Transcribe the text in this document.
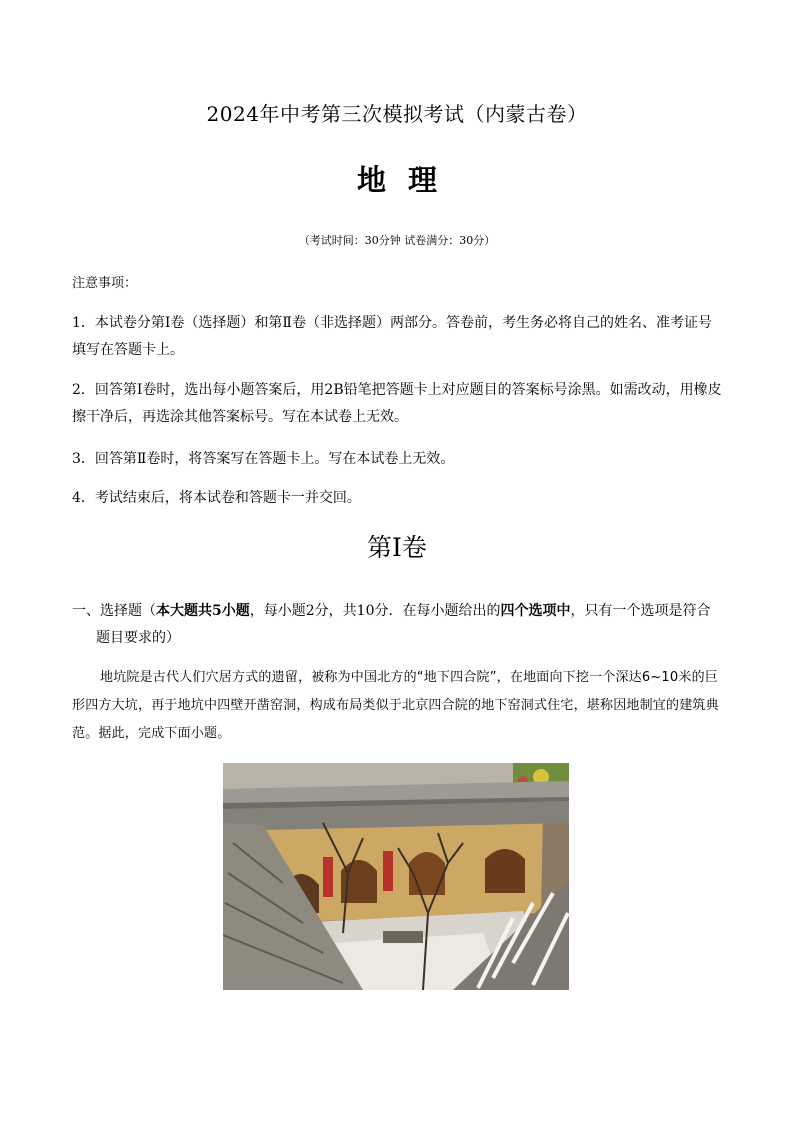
2024年中考第三次模拟考试（内蒙古卷）
地理
（考试时间：30分钟 试卷满分：30分）
注意事项：
1．本试卷分第Ⅰ卷（选择题）和第Ⅱ卷（非选择题）两部分。答卷前，考生务必将自己的姓名、准考证号填写在答题卡上。
2．回答第Ⅰ卷时，选出每小题答案后，用2B铅笔把答题卡上对应题目的答案标号涂黑。如需改动，用橡皮擦干净后，再选涂其他答案标号。写在本试卷上无效。
3．回答第Ⅱ卷时，将答案写在答题卡上。写在本试卷上无效。
4．考试结束后，将本试卷和答题卡一并交回。
第Ⅰ卷
一、选择题（本大题共5小题，每小题2分，共10分．在每小题给出的四个选项中，只有一个选项是符合
题目要求的）
地坑院是古代人们穴居方式的遗留，被称为中国北方的“地下四合院”，在地面向下挖一个深达6~10米的巨形四方大坑，再于地坑中四壁开凿窑洞，构成布局类似于北京四合院的地下窑洞式住宅，堪称因地制宜的建筑典范。据此，完成下面小题。
